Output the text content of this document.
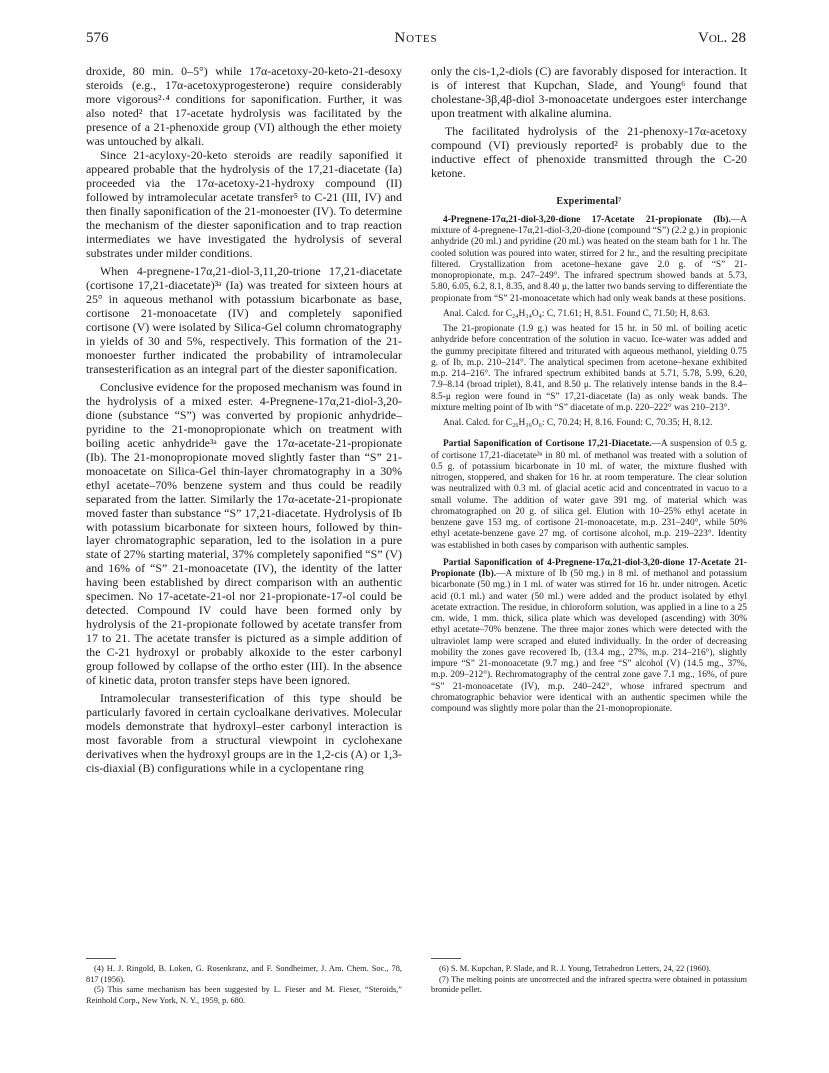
576	Notes	Vol. 28

droxide, 80 min. 0–5°) while 17α-acetoxy-20-keto-21-desoxy steroids (e.g., 17α-acetoxyprogesterone) require considerably more vigorous²·⁴ conditions for saponification. Further, it was also noted² that 17-acetate hydrolysis was facilitated by the presence of a 21-phenoxide group (VI) although the ether moiety was untouched by alkali.

Since 21-acyloxy-20-keto steroids are readily saponified it appeared probable that the hydrolysis of the 17,21-diacetate (Ia) proceeded via the 17α-acetoxy-21-hydroxy compound (II) followed by intramolecular acetate transfer⁵ to C-21 (III, IV) and then finally saponification of the 21-monoester (IV). To determine the mechanism of the diester saponification and to trap reaction intermediates we have investigated the hydrolysis of several substrates under milder conditions.

When 4-pregnene-17α,21-diol-3,11,20-trione 17,21-diacetate (cortisone 17,21-diacetate)³ᵃ (Ia) was treated for sixteen hours at 25° in aqueous methanol with potassium bicarbonate as base, cortisone 21-monoacetate (IV) and completely saponified cortisone (V) were isolated by Silica-Gel column chromatography in yields of 30 and 5%, respectively. This formation of the 21-monoester further indicated the probability of intramolecular transesterification as an integral part of the diester saponification.

Conclusive evidence for the proposed mechanism was found in the hydrolysis of a mixed ester. 4-Pregnene-17α,21-diol-3,20-dione (substance “S”) was converted by propionic anhydride–pyridine to the 21-monopropionate which on treatment with boiling acetic anhydride³ᵃ gave the 17α-acetate-21-propionate (Ib). The 21-monopropionate moved slightly faster than “S” 21-monoacetate on Silica-Gel thin-layer chromatography in a 30% ethyl acetate–70% benzene system and thus could be readily separated from the latter. Similarly the 17α-acetate-21-propionate moved faster than substance “S” 17,21-diacetate. Hydrolysis of Ib with potassium bicarbonate for sixteen hours, followed by thin-layer chromatographic separation, led to the isolation in a pure state of 27% starting material, 37% completely saponified “S” (V) and 16% of “S” 21-monoacetate (IV), the identity of the latter having been established by direct comparison with an authentic specimen. No 17-acetate-21-ol nor 21-propionate-17-ol could be detected. Compound IV could have been formed only by hydrolysis of the 21-propionate followed by acetate transfer from 17 to 21. The acetate transfer is pictured as a simple addition of the C-21 hydroxyl or probably alkoxide to the ester carbonyl group followed by collapse of the ortho ester (III). In the absence of kinetic data, proton transfer steps have been ignored.

Intramolecular transesterification of this type should be particularly favored in certain cycloalkane derivatives. Molecular models demonstrate that hydroxyl–ester carbonyl interaction is most favorable from a structural viewpoint in cyclohexane derivatives when the hydroxyl groups are in the 1,2-cis (A) or 1,3-cis-diaxial (B) configurations while in a cyclopentane ring

only the cis-1,2-diols (C) are favorably disposed for interaction. It is of interest that Kupchan, Slade, and Young⁶ found that cholestane-3β,4β-diol 3-monoacetate undergoes ester interchange upon treatment with alkaline alumina.

The facilitated hydrolysis of the 21-phenoxy-17α-acetoxy compound (VI) previously reported² is probably due to the inductive effect of phenoxide transmitted through the C-20 ketone.

Experimental⁷

4-Pregnene-17α,21-diol-3,20-dione 17-Acetate 21-propionate (Ib).—A mixture of 4-pregnene-17α,21-diol-3,20-dione (compound “S”) (2.2 g.) in propionic anhydride (20 ml.) and pyridine (20 ml.) was heated on the steam bath for 1 hr. The cooled solution was poured into water, stirred for 2 hr., and the resulting precipitate filtered. Crystallization from acetone–hexane gave 2.0 g. of “S” 21-monopropionate, m.p. 247–249°. The infrared spectrum showed bands at 5.73, 5.80, 6.05, 6.2, 8.1, 8.35, and 8.40 μ, the latter two bands serving to differentiate the propionate from “S” 21-monoacetate which had only weak bands at these positions.

Anal. Calcd. for C₂₄H₃₄O₄: C, 71.61; H, 8.51. Found C, 71.50; H, 8.63.

The 21-propionate (1.9 g.) was heated for 15 hr. in 50 ml. of boiling acetic anhydride before concentration of the solution in vacuo. Ice-water was added and the gummy precipitate filtered and triturated with aqueous methanol, yielding 0.75 g. of Ib, m.p. 210–214°. The analytical specimen from acetone–hexane exhibited m.p. 214–216°. The infrared spectrum exhibited bands at 5.71, 5.78, 5.99, 6.20, 7.9–8.14 (broad triplet), 8.41, and 8.50 μ. The relatively intense bands in the 8.4–8.5-μ region were found in “S” 17,21-diacetate (Ia) as only weak bands. The mixture melting point of Ib with “S” diacetate of m.p. 220–222° was 210–213°.

Anal. Calcd. for C₂₆H₃₆O₆: C, 70.24; H, 8.16. Found: C, 70.35; H, 8.12.

Partial Saponification of Cortisone 17,21-Diacetate.—A suspension of 0.5 g. of cortisone 17,21-diacetate³ᵃ in 80 ml. of methanol was treated with a solution of 0.5 g. of potassium bicarbonate in 10 ml. of water, the mixture flushed with nitrogen, stoppered, and shaken for 16 hr. at room temperature. The clear solution was neutralized with 0.3 ml. of glacial acetic acid and concentrated in vacuo to a small volume. The addition of water gave 391 mg. of material which was chromatographed on 20 g. of silica gel. Elution with 10–25% ethyl acetate in benzene gave 153 mg. of cortisone 21-monoacetate, m.p. 231–240°, while 50% ethyl acetate-benzene gave 27 mg. of cortisone alcohol, m.p. 219–223°. Identity was established in both cases by comparison with authentic samples.

Partial Saponification of 4-Pregnene-17α,21-diol-3,20-dione 17-Acetate 21-Propionate (Ib).—A mixture of Ib (50 mg.) in 8 ml. of methanol and potassium bicarbonate (50 mg.) in 1 ml. of water was stirred for 16 hr. under nitrogen. Acetic acid (0.1 ml.) and water (50 ml.) were added and the product isolated by ethyl acetate extraction. The residue, in chloroform solution, was applied in a line to a 25 cm. wide, 1 mm. thick, silica plate which was developed (ascending) with 30% ethyl acetate–70% benzene. The three major zones which were detected with the ultraviolet lamp were scraped and eluted individually. In the order of decreasing mobility the zones gave recovered Ib, (13.4 mg., 27%, m.p. 214–216°), slightly impure “S” 21-monoacetate (9.7 mg.) and free “S” alcohol (V) (14.5 mg., 37%, m.p. 209–212°). Rechromatography of the central zone gave 7.1 mg., 16%, of pure “S” 21-monoacetate (IV), m.p. 240–242°, whose infrared spectrum and chromatographic behavior were identical with an authentic specimen while the compound was slightly more polar than the 21-monopropionate.

(4) H. J. Ringold, B. Loken, G. Rosenkranz, and F. Sondheimer, J. Am. Chem. Soc., 78, 817 (1956).

(5) This same mechanism has been suggested by L. Fieser and M. Fieser, “Steroids,” Reinhold Corp., New York, N. Y., 1959, p. 680.

(6) S. M. Kupchan, P. Slade, and R. J. Young, Tetrahedron Letters, 24, 22 (1960).

(7) The melting points are uncorrected and the infrared spectra were obtained in potassium bromide pellet.
